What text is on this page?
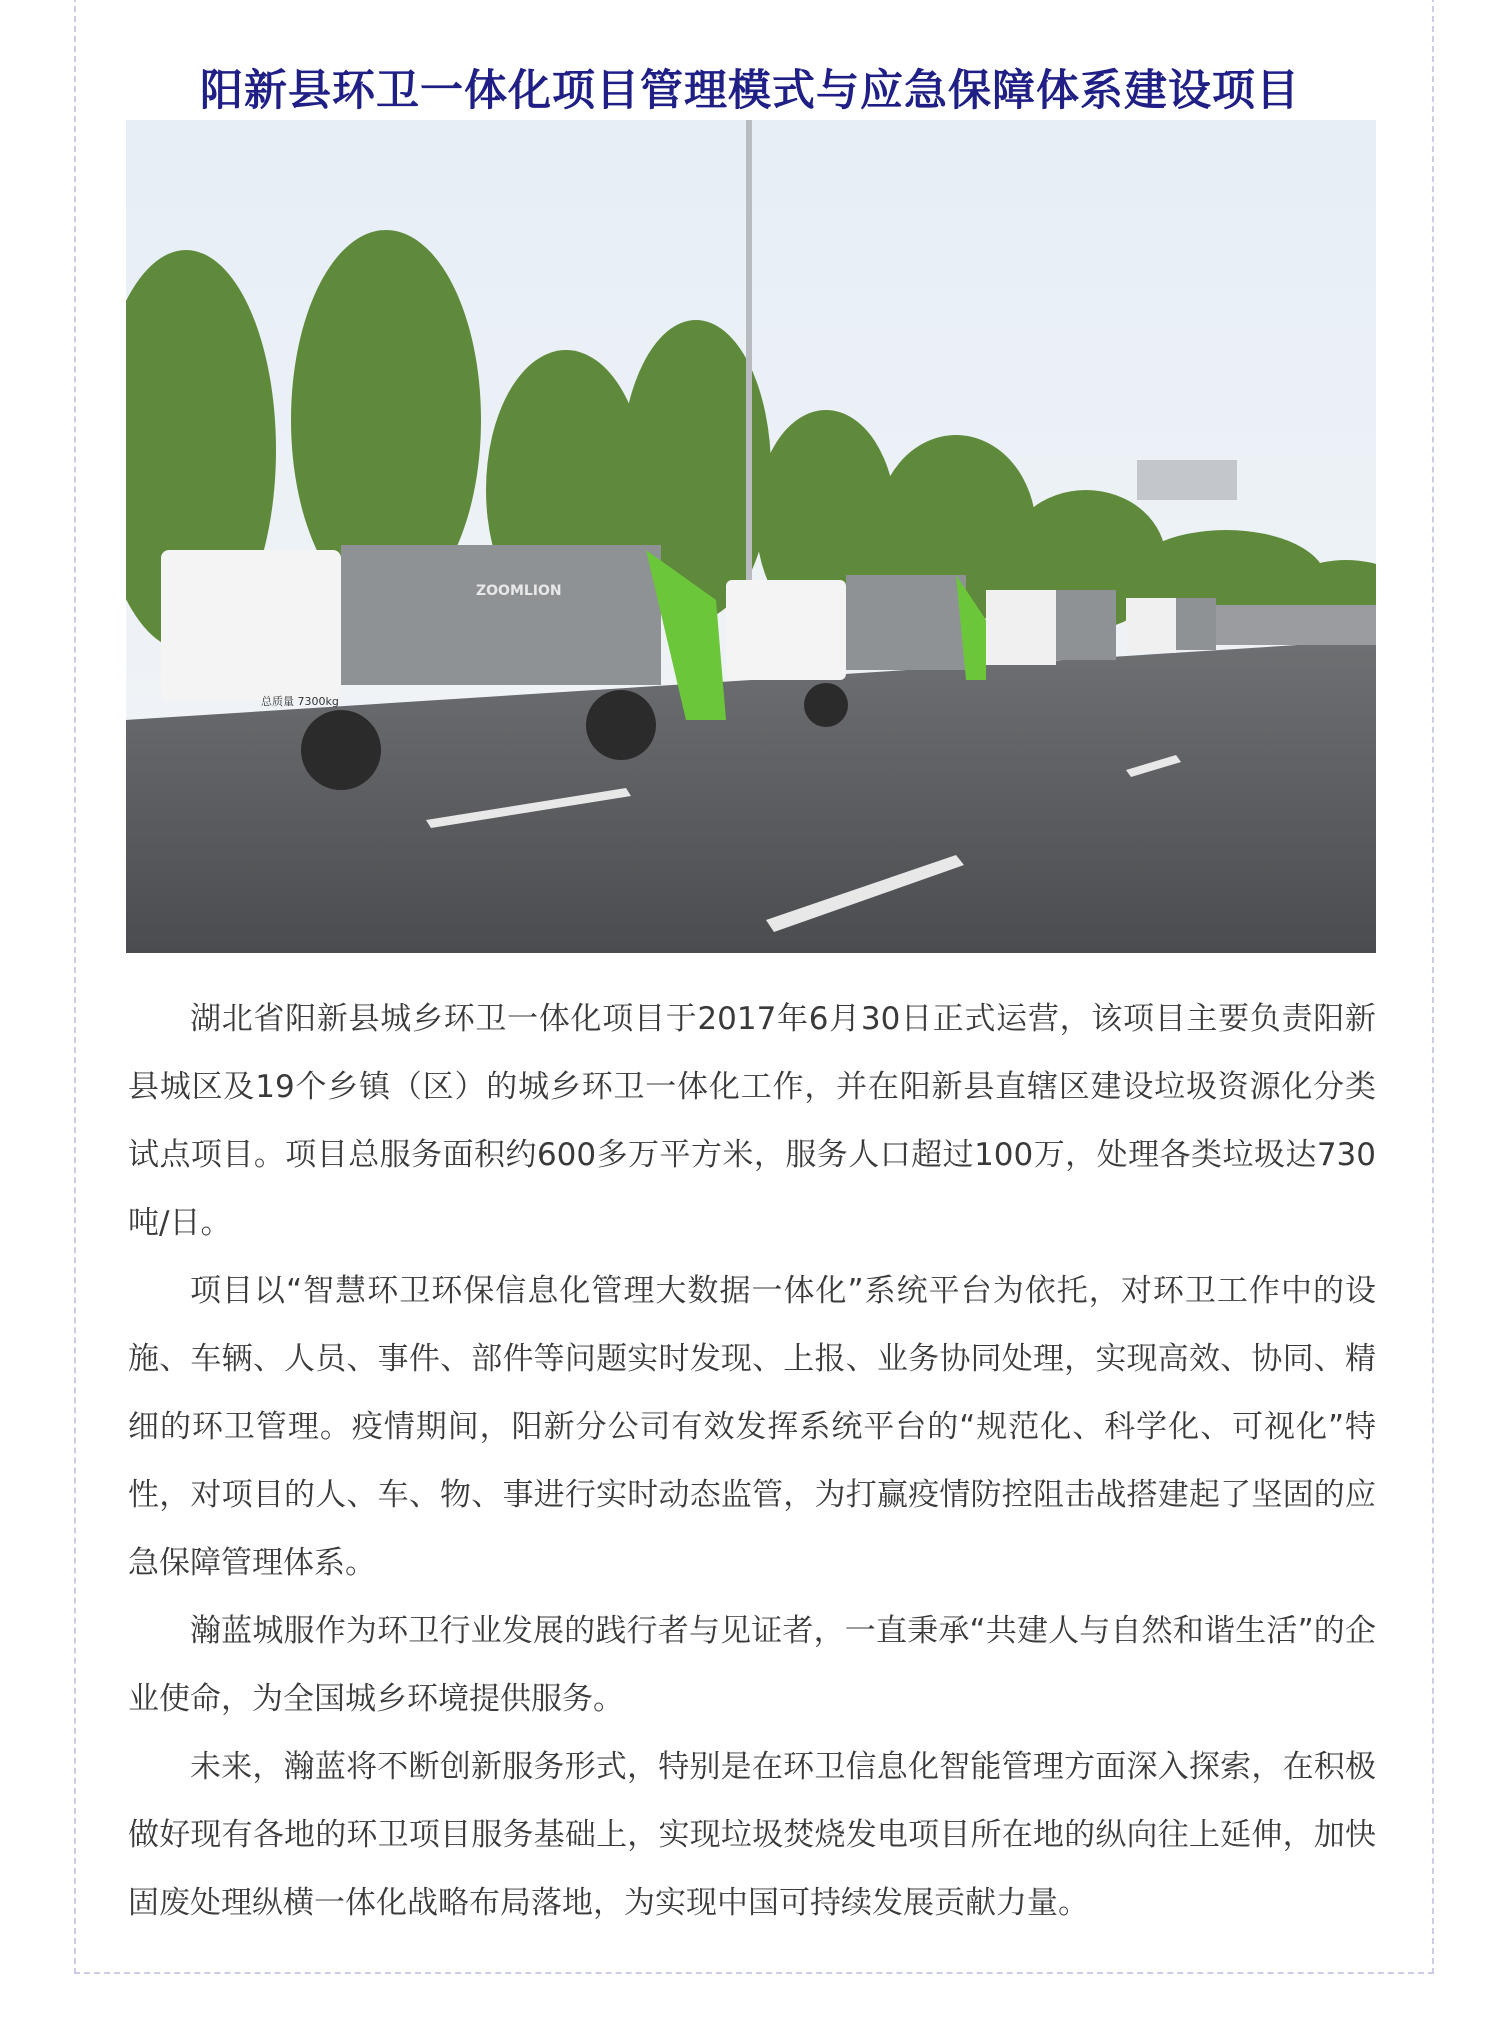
阳新县环卫一体化项目管理模式与应急保障体系建设项目
ZOOMLION
总质量 7300kg

湖北省阳新县城乡环卫一体化项目于2017年6月30日正式运营，该项目主要负责阳新县城区及19个乡镇（区）的城乡环卫一体化工作，并在阳新县直辖区建设垃圾资源化分类试点项目。项目总服务面积约600多万平方米，服务人口超过100万，处理各类垃圾达730吨/日。

项目以“智慧环卫环保信息化管理大数据一体化”系统平台为依托，对环卫工作中的设施、车辆、人员、事件、部件等问题实时发现、上报、业务协同处理，实现高效、协同、精细的环卫管理。疫情期间，阳新分公司有效发挥系统平台的“规范化、科学化、可视化”特性，对项目的人、车、物、事进行实时动态监管，为打赢疫情防控阻击战搭建起了坚固的应急保障管理体系。

瀚蓝城服作为环卫行业发展的践行者与见证者，一直秉承“共建人与自然和谐生活”的企业使命，为全国城乡环境提供服务。

未来，瀚蓝将不断创新服务形式，特别是在环卫信息化智能管理方面深入探索，在积极做好现有各地的环卫项目服务基础上，实现垃圾焚烧发电项目所在地的纵向往上延伸，加快固废处理纵横一体化战略布局落地，为实现中国可持续发展贡献力量。
